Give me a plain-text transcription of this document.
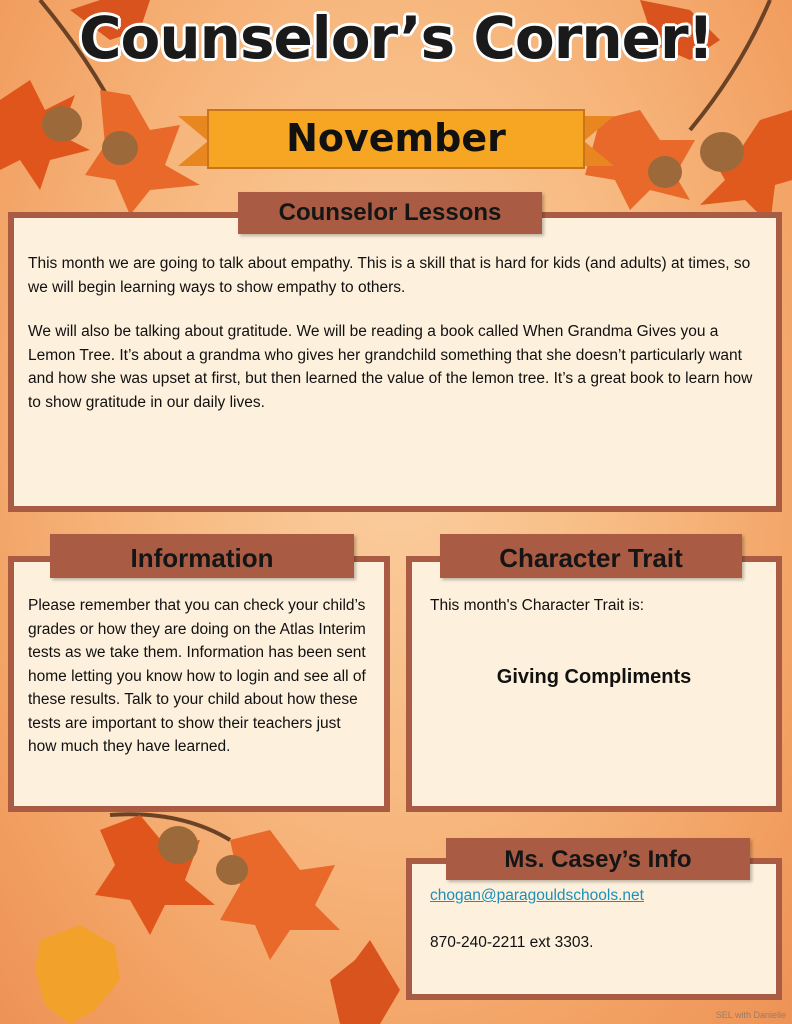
Counselor’s Corner!
November
Counselor Lessons
This month we are going to talk about empathy. This is a skill that is hard for kids (and adults) at times, so we will begin learning ways to show empathy to others.
We will also be talking about gratitude. We will be reading a book called When Grandma Gives you a Lemon Tree. It’s about a grandma who gives her grandchild something that she doesn’t particularly want and how she was upset at first, but then learned the value of the lemon tree. It’s a great book to learn how to show gratitude in our daily lives.
Information
Please remember that you can check your child’s grades or how they are doing on the Atlas Interim tests as we take them. Information has been sent home letting you know how to login and see all of these results. Talk to your child about how these tests are important to show their teachers just how much they have learned.
Character Trait
This month's Character Trait is:
Giving Compliments
Ms. Casey’s Info
chogan@paragouldschools.net
870-240-2211 ext 3303.
SEL with Danielle
